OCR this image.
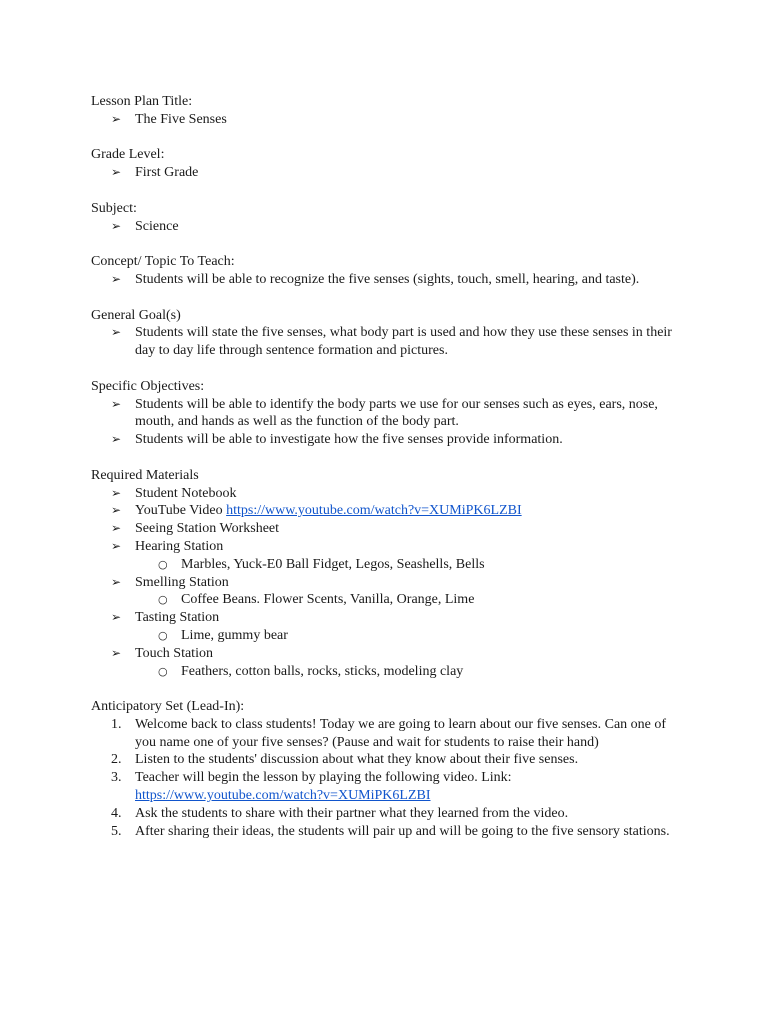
Lesson Plan Title:
➢ The Five Senses
Grade Level:
➢ First Grade
Subject:
➢ Science
Concept/ Topic To Teach:
➢ Students will be able to recognize the five senses (sights, touch, smell, hearing, and taste).
General Goal(s)
➢ Students will state the five senses, what body part is used and how they use these senses in their day to day life through sentence formation and pictures.
Specific Objectives:
➢ Students will be able to identify the body parts we use for our senses such as eyes, ears, nose, mouth, and hands as well as the function of the body part.
➢ Students will be able to investigate how the five senses provide information.
Required Materials
➢ Student Notebook
➢ YouTube Video https://www.youtube.com/watch?v=XUMiPK6LZBI
➢ Seeing Station Worksheet
➢ Hearing Station
○ Marbles, Yuck-E0 Ball Fidget, Legos, Seashells, Bells
➢ Smelling Station
○ Coffee Beans. Flower Scents, Vanilla, Orange, Lime
➢ Tasting Station
○ Lime, gummy bear
➢ Touch Station
○ Feathers, cotton balls, rocks, sticks, modeling clay
Anticipatory Set (Lead-In):
1. Welcome back to class students! Today we are going to learn about our five senses. Can one of you name one of your five senses? (Pause and wait for students to raise their hand)
2. Listen to the students' discussion about what they know about their five senses.
3. Teacher will begin the lesson by playing the following video. Link:
https://www.youtube.com/watch?v=XUMiPK6LZBI
4. Ask the students to share with their partner what they learned from the video.
5. After sharing their ideas, the students will pair up and will be going to the five sensory stations.
